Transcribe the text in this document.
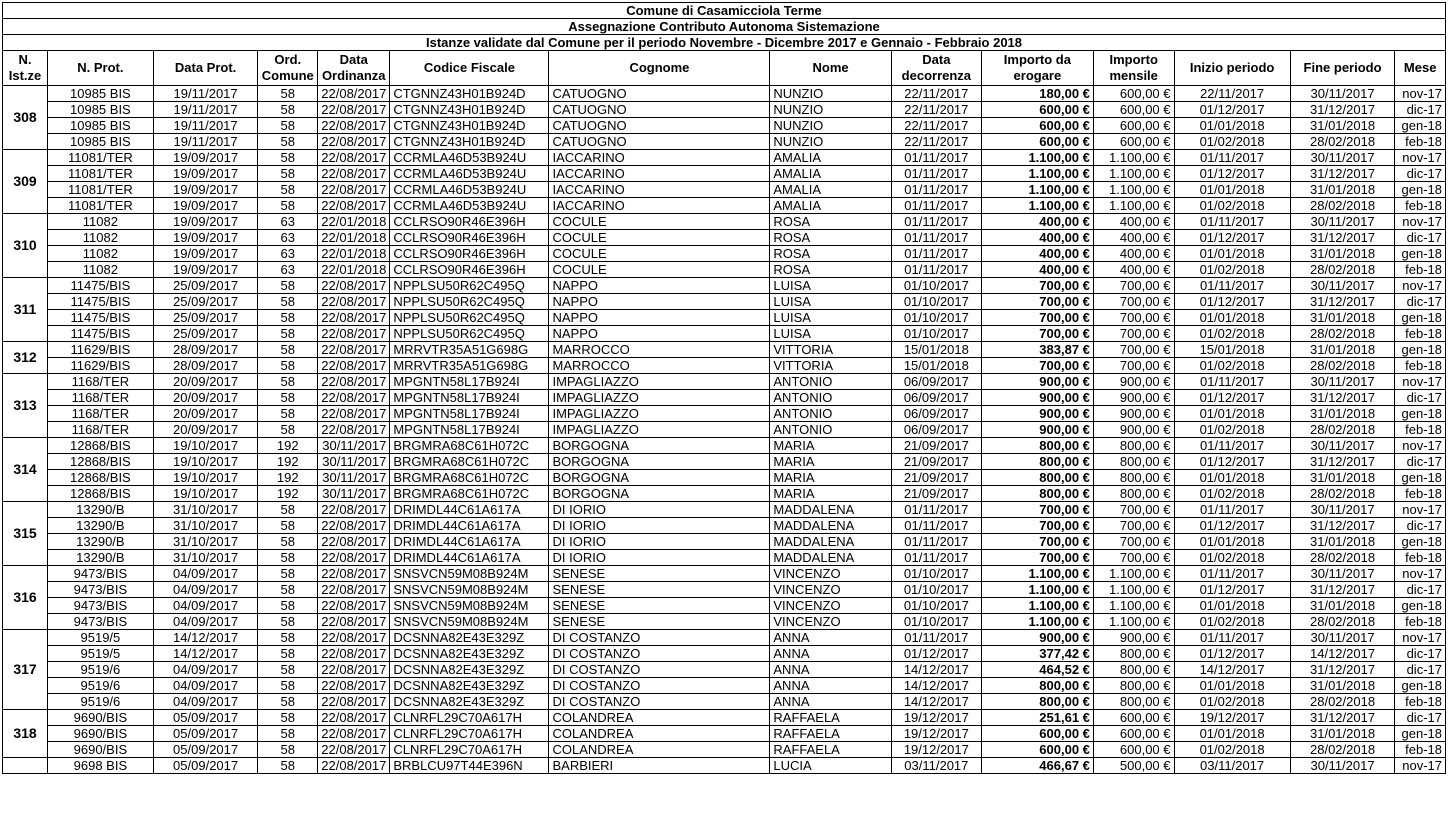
Comune di Casamicciola Terme													
Assegnazione Contributo Autonoma Sistemazione													
Istanze validate dal Comune per il periodo Novembre - Dicembre 2017 e Gennaio - Febbraio 2018													
N. Ist.ze	N. Prot.	Data Prot.	Ord. Comune	Data Ordinanza	Codice Fiscale	Cognome	Nome	Data decorrenza	Importo da erogare	Importo mensile	Inizio periodo	Fine periodo	Mese
308	10985 BIS	19/11/2017	58	22/08/2017	CTGNNZ43H01B924D	CATUOGNO	NUNZIO	22/11/2017	180,00 €	600,00 €	22/11/2017	30/11/2017	nov-17
	10985 BIS	19/11/2017	58	22/08/2017	CTGNNZ43H01B924D	CATUOGNO	NUNZIO	22/11/2017	600,00 €	600,00 €	01/12/2017	31/12/2017	dic-17
	10985 BIS	19/11/2017	58	22/08/2017	CTGNNZ43H01B924D	CATUOGNO	NUNZIO	22/11/2017	600,00 €	600,00 €	01/01/2018	31/01/2018	gen-18
	10985 BIS	19/11/2017	58	22/08/2017	CTGNNZ43H01B924D	CATUOGNO	NUNZIO	22/11/2017	600,00 €	600,00 €	01/02/2018	28/02/2018	feb-18
309	11081/TER	19/09/2017	58	22/08/2017	CCRMLA46D53B924U	IACCARINO	AMALIA	01/11/2017	1.100,00 €	1.100,00 €	01/11/2017	30/11/2017	nov-17
	11081/TER	19/09/2017	58	22/08/2017	CCRMLA46D53B924U	IACCARINO	AMALIA	01/11/2017	1.100,00 €	1.100,00 €	01/12/2017	31/12/2017	dic-17
	11081/TER	19/09/2017	58	22/08/2017	CCRMLA46D53B924U	IACCARINO	AMALIA	01/11/2017	1.100,00 €	1.100,00 €	01/01/2018	31/01/2018	gen-18
	11081/TER	19/09/2017	58	22/08/2017	CCRMLA46D53B924U	IACCARINO	AMALIA	01/11/2017	1.100,00 €	1.100,00 €	01/02/2018	28/02/2018	feb-18
310	11082	19/09/2017	63	22/01/2018	CCLRSO90R46E396H	COCULE	ROSA	01/11/2017	400,00 €	400,00 €	01/11/2017	30/11/2017	nov-17
	11082	19/09/2017	63	22/01/2018	CCLRSO90R46E396H	COCULE	ROSA	01/11/2017	400,00 €	400,00 €	01/12/2017	31/12/2017	dic-17
	11082	19/09/2017	63	22/01/2018	CCLRSO90R46E396H	COCULE	ROSA	01/11/2017	400,00 €	400,00 €	01/01/2018	31/01/2018	gen-18
	11082	19/09/2017	63	22/01/2018	CCLRSO90R46E396H	COCULE	ROSA	01/11/2017	400,00 €	400,00 €	01/02/2018	28/02/2018	feb-18
311	11475/BIS	25/09/2017	58	22/08/2017	NPPLSU50R62C495Q	NAPPO	LUISA	01/10/2017	700,00 €	700,00 €	01/11/2017	30/11/2017	nov-17
	11475/BIS	25/09/2017	58	22/08/2017	NPPLSU50R62C495Q	NAPPO	LUISA	01/10/2017	700,00 €	700,00 €	01/12/2017	31/12/2017	dic-17
	11475/BIS	25/09/2017	58	22/08/2017	NPPLSU50R62C495Q	NAPPO	LUISA	01/10/2017	700,00 €	700,00 €	01/01/2018	31/01/2018	gen-18
	11475/BIS	25/09/2017	58	22/08/2017	NPPLSU50R62C495Q	NAPPO	LUISA	01/10/2017	700,00 €	700,00 €	01/02/2018	28/02/2018	feb-18
312	11629/BIS	28/09/2017	58	22/08/2017	MRRVTR35A51G698G	MARROCCO	VITTORIA	15/01/2018	383,87 €	700,00 €	15/01/2018	31/01/2018	gen-18
	11629/BIS	28/09/2017	58	22/08/2017	MRRVTR35A51G698G	MARROCCO	VITTORIA	15/01/2018	700,00 €	700,00 €	01/02/2018	28/02/2018	feb-18
313	1168/TER	20/09/2017	58	22/08/2017	MPGNTN58L17B924I	IMPAGLIAZZO	ANTONIO	06/09/2017	900,00 €	900,00 €	01/11/2017	30/11/2017	nov-17
	1168/TER	20/09/2017	58	22/08/2017	MPGNTN58L17B924I	IMPAGLIAZZO	ANTONIO	06/09/2017	900,00 €	900,00 €	01/12/2017	31/12/2017	dic-17
	1168/TER	20/09/2017	58	22/08/2017	MPGNTN58L17B924I	IMPAGLIAZZO	ANTONIO	06/09/2017	900,00 €	900,00 €	01/01/2018	31/01/2018	gen-18
	1168/TER	20/09/2017	58	22/08/2017	MPGNTN58L17B924I	IMPAGLIAZZO	ANTONIO	06/09/2017	900,00 €	900,00 €	01/02/2018	28/02/2018	feb-18
314	12868/BIS	19/10/2017	192	30/11/2017	BRGMRA68C61H072C	BORGOGNA	MARIA	21/09/2017	800,00 €	800,00 €	01/11/2017	30/11/2017	nov-17
	12868/BIS	19/10/2017	192	30/11/2017	BRGMRA68C61H072C	BORGOGNA	MARIA	21/09/2017	800,00 €	800,00 €	01/12/2017	31/12/2017	dic-17
	12868/BIS	19/10/2017	192	30/11/2017	BRGMRA68C61H072C	BORGOGNA	MARIA	21/09/2017	800,00 €	800,00 €	01/01/2018	31/01/2018	gen-18
	12868/BIS	19/10/2017	192	30/11/2017	BRGMRA68C61H072C	BORGOGNA	MARIA	21/09/2017	800,00 €	800,00 €	01/02/2018	28/02/2018	feb-18
315	13290/B	31/10/2017	58	22/08/2017	DRIMDL44C61A617A	DI IORIO	MADDALENA	01/11/2017	700,00 €	700,00 €	01/11/2017	30/11/2017	nov-17
	13290/B	31/10/2017	58	22/08/2017	DRIMDL44C61A617A	DI IORIO	MADDALENA	01/11/2017	700,00 €	700,00 €	01/12/2017	31/12/2017	dic-17
	13290/B	31/10/2017	58	22/08/2017	DRIMDL44C61A617A	DI IORIO	MADDALENA	01/11/2017	700,00 €	700,00 €	01/01/2018	31/01/2018	gen-18
	13290/B	31/10/2017	58	22/08/2017	DRIMDL44C61A617A	DI IORIO	MADDALENA	01/11/2017	700,00 €	700,00 €	01/02/2018	28/02/2018	feb-18
316	9473/BIS	04/09/2017	58	22/08/2017	SNSVCN59M08B924M	SENESE	VINCENZO	01/10/2017	1.100,00 €	1.100,00 €	01/11/2017	30/11/2017	nov-17
	9473/BIS	04/09/2017	58	22/08/2017	SNSVCN59M08B924M	SENESE	VINCENZO	01/10/2017	1.100,00 €	1.100,00 €	01/12/2017	31/12/2017	dic-17
	9473/BIS	04/09/2017	58	22/08/2017	SNSVCN59M08B924M	SENESE	VINCENZO	01/10/2017	1.100,00 €	1.100,00 €	01/01/2018	31/01/2018	gen-18
	9473/BIS	04/09/2017	58	22/08/2017	SNSVCN59M08B924M	SENESE	VINCENZO	01/10/2017	1.100,00 €	1.100,00 €	01/02/2018	28/02/2018	feb-18
317	9519/5	14/12/2017	58	22/08/2017	DCSNNA82E43E329Z	DI COSTANZO	ANNA	01/11/2017	900,00 €	900,00 €	01/11/2017	30/11/2017	nov-17
	9519/5	14/12/2017	58	22/08/2017	DCSNNA82E43E329Z	DI COSTANZO	ANNA	01/12/2017	377,42 €	800,00 €	01/12/2017	14/12/2017	dic-17
	9519/6	04/09/2017	58	22/08/2017	DCSNNA82E43E329Z	DI COSTANZO	ANNA	14/12/2017	464,52 €	800,00 €	14/12/2017	31/12/2017	dic-17
	9519/6	04/09/2017	58	22/08/2017	DCSNNA82E43E329Z	DI COSTANZO	ANNA	14/12/2017	800,00 €	800,00 €	01/01/2018	31/01/2018	gen-18
	9519/6	04/09/2017	58	22/08/2017	DCSNNA82E43E329Z	DI COSTANZO	ANNA	14/12/2017	800,00 €	800,00 €	01/02/2018	28/02/2018	feb-18
318	9690/BIS	05/09/2017	58	22/08/2017	CLNRFL29C70A617H	COLANDREA	RAFFAELA	19/12/2017	251,61 €	600,00 €	19/12/2017	31/12/2017	dic-17
	9690/BIS	05/09/2017	58	22/08/2017	CLNRFL29C70A617H	COLANDREA	RAFFAELA	19/12/2017	600,00 €	600,00 €	01/01/2018	31/01/2018	gen-18
	9690/BIS	05/09/2017	58	22/08/2017	CLNRFL29C70A617H	COLANDREA	RAFFAELA	19/12/2017	600,00 €	600,00 €	01/02/2018	28/02/2018	feb-18
	9698 BIS	05/09/2017	58	22/08/2017	BRBLCU97T44E396N	BARBIERI	LUCIA	03/11/2017	466,67 €	500,00 €	03/11/2017	30/11/2017	nov-17
